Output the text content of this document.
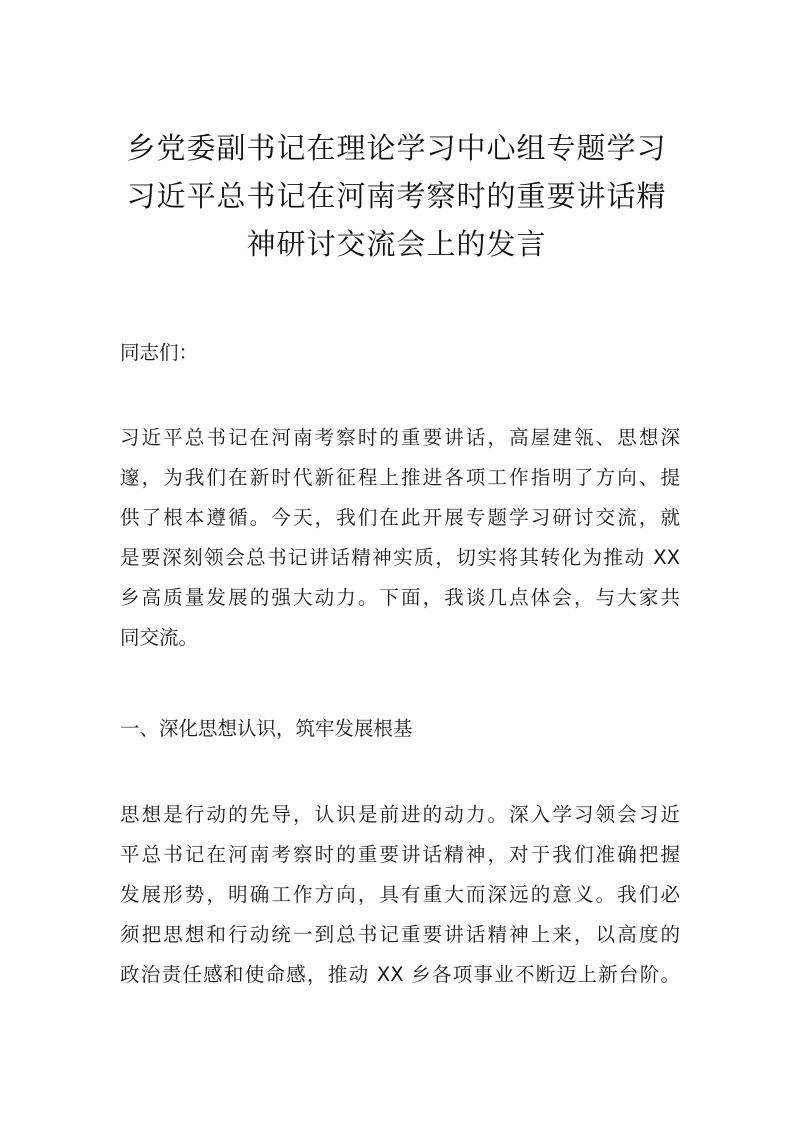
乡党委副书记在理论学习中心组专题学习
习近平总书记在河南考察时的重要讲话精
神研讨交流会上的发言
同志们：
习近平总书记在河南考察时的重要讲话，高屋建瓴、思想深
邃，为我们在新时代新征程上推进各项工作指明了方向、提
供了根本遵循。今天，我们在此开展专题学习研讨交流，就
是要深刻领会总书记讲话精神实质，切实将其转化为推动 XX
乡高质量发展的强大动力。下面，我谈几点体会，与大家共
同交流。
一、深化思想认识，筑牢发展根基
思想是行动的先导，认识是前进的动力。深入学习领会习近
平总书记在河南考察时的重要讲话精神，对于我们准确把握
发展形势，明确工作方向，具有重大而深远的意义。我们必
须把思想和行动统一到总书记重要讲话精神上来，以高度的
政治责任感和使命感，推动 XX 乡各项事业不断迈上新台阶。
